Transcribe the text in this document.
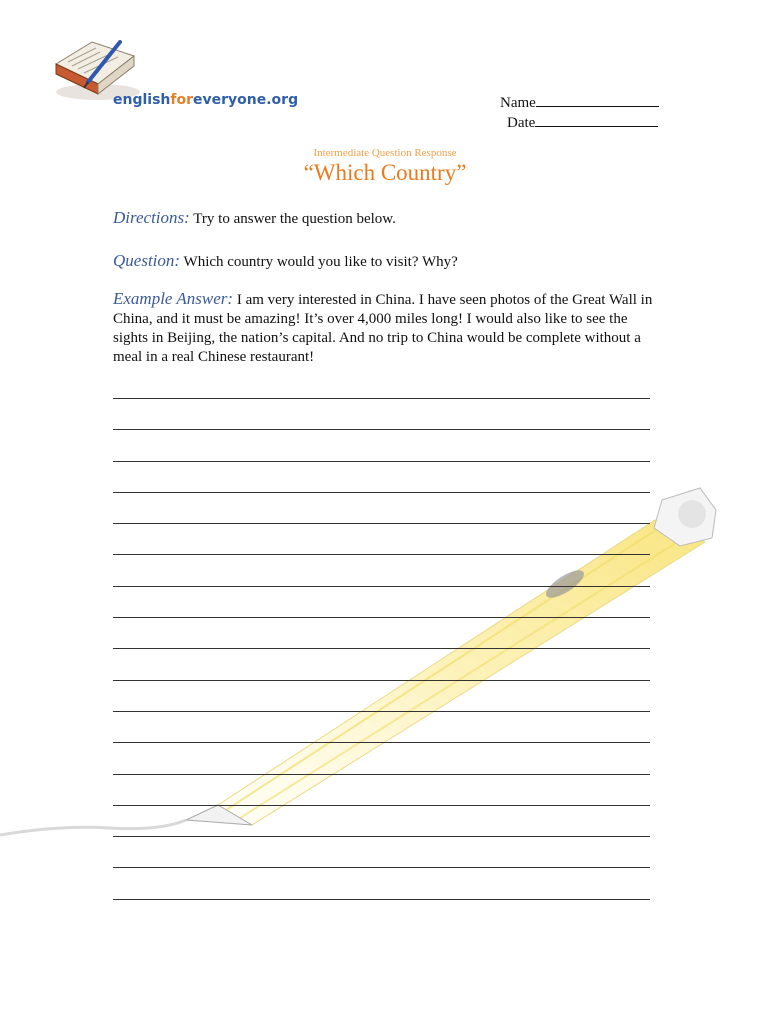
englishforeveryone.org	Name
Date
Intermediate Question Response
“Which Country”
Directions: Try to answer the question below.
Question: Which country would you like to visit? Why?
Example Answer: I am very interested in China. I have seen photos of the Great Wall in China, and it must be amazing! It’s over 4,000 miles long! I would also like to see the sights in Beijing, the nation’s capital. And no trip to China would be complete without a meal in a real Chinese restaurant!
